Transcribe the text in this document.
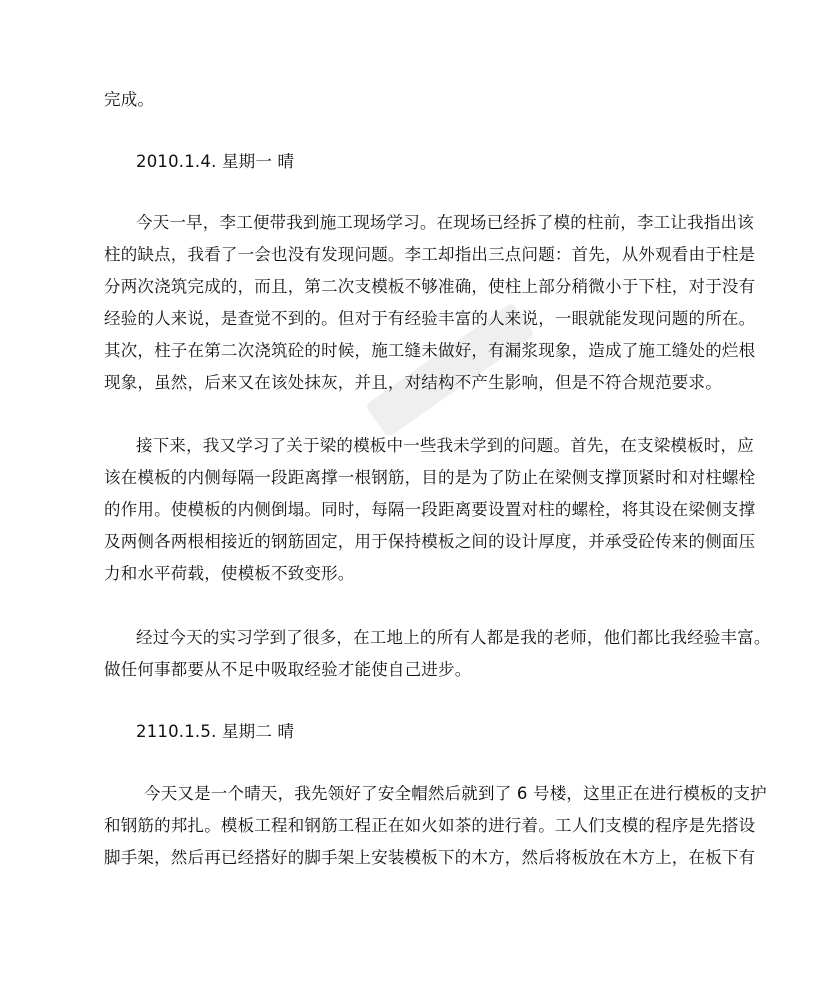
完成。
2010.1.4. 星期一 晴
今天一早，李工便带我到施工现场学习。在现场已经拆了模的柱前，李工让我指出该
柱的缺点，我看了一会也没有发现问题。李工却指出三点问题：首先，从外观看由于柱是
分两次浇筑完成的，而且，第二次支模板不够准确，使柱上部分稍微小于下柱，对于没有
经验的人来说，是查觉不到的。但对于有经验丰富的人来说，一眼就能发现问题的所在。
其次，柱子在第二次浇筑砼的时候，施工缝未做好，有漏浆现象，造成了施工缝处的烂根
现象，虽然，后来又在该处抹灰，并且，对结构不产生影响，但是不符合规范要求。
接下来，我又学习了关于梁的模板中一些我未学到的问题。首先，在支梁模板时，应
该在模板的内侧每隔一段距离撑一根钢筋，目的是为了防止在梁侧支撑顶紧时和对柱螺栓
的作用。使模板的内侧倒塌。同时，每隔一段距离要设置对柱的螺栓，将其设在梁侧支撑
及两侧各两根相接近的钢筋固定，用于保持模板之间的设计厚度，并承受砼传来的侧面压
力和水平荷载，使模板不致变形。
经过今天的实习学到了很多，在工地上的所有人都是我的老师，他们都比我经验丰富。
做任何事都要从不足中吸取经验才能使自己进步。
2110.1.5. 星期二 晴
今天又是一个晴天，我先领好了安全帽然后就到了 6 号楼，这里正在进行模板的支护
和钢筋的邦扎。模板工程和钢筋工程正在如火如茶的进行着。工人们支模的程序是先搭设
脚手架，然后再已经搭好的脚手架上安装模板下的木方，然后将板放在木方上，在板下有
